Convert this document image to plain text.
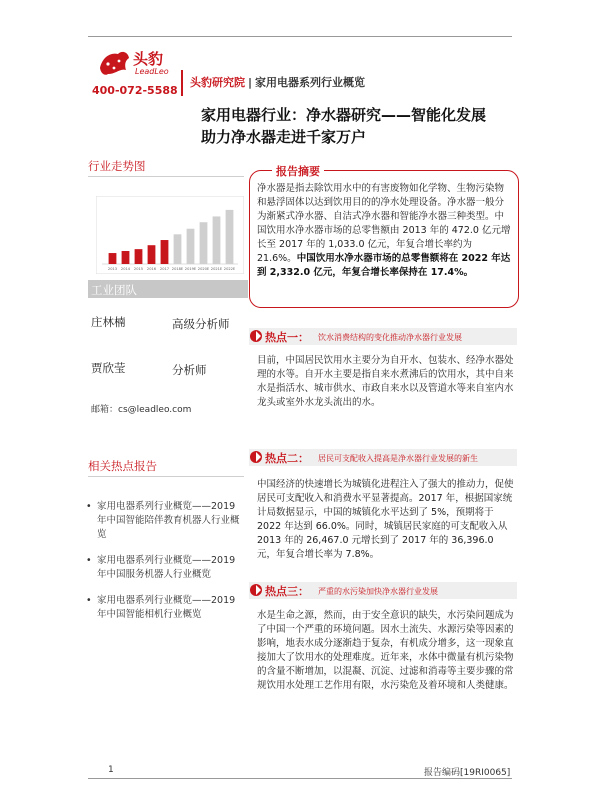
头豹
LeadLeo
400-072-5588
头豹研究院 | 家用电器系列行业概览
家用电器行业：净水器研究——智能化发展
助力净水器走进千家万户
行业走势图
2013 2014 2015 2016 2017 2018E 2019E 2020E 2021E 2022E
工业团队
庄林楠	高级分析师
贾欣莹	分析师
邮箱：cs@leadleo.com
相关热点报告
• 家用电器系列行业概览——2019 年中国智能陪伴教育机器人行业概览
• 家用电器系列行业概览——2019 年中国服务机器人行业概览
• 家用电器系列行业概览——2019 年中国智能相机行业概览
报告摘要
净水器是指去除饮用水中的有害废物如化学物、生物污染物和悬浮固体以达到饮用目的的净水处理设备。净水器一般分为渐紧式净水器、自洁式净水器和智能净水器三种类型。中国饮用水净水器市场的总零售额由 2013 年的 472.0 亿元增长至 2017 年的 1,033.0 亿元，年复合增长率约为 21.6%。中国饮用水净水器市场的总零售额将在 2022 年达到 2,332.0 亿元，年复合增长率保持在 17.4%。
热点一： 饮水消费结构的变化推动净水器行业发展
目前，中国居民饮用水主要分为自开水、包装水、经净水器处理的水等。自开水主要是指自来水煮沸后的饮用水，其中自来水是指活水、城市供水、市政自来水以及管道水等来自室内水龙头或室外水龙头流出的水。
热点二： 居民可支配收入提高是净水器行业发展的新生
中国经济的快速增长为城镇化进程注入了强大的推动力，促使居民可支配收入和消费水平显著提高。2017 年，根据国家统计局数据显示，中国的城镇化水平达到了 5%，预期将于 2022 年达到 66.0%。同时，城镇居民家庭的可支配收入从 2013 年的 26,467.0 元增长到了 2017 年的 36,396.0 元，年复合增长率为 7.8%。
热点三： 严重的水污染加快净水器行业发展
水是生命之源，然而，由于安全意识的缺失，水污染问题成为了中国一个严重的环境问题。因水土流失、水源污染等因素的影响，地表水成分逐渐趋于复杂，有机成分增多，这一现象直接加大了饮用水的处理难度。近年来，水体中微量有机污染物的含量不断增加，以混凝、沉淀、过滤和消毒等主要步骤的常规饮用水处理工艺作用有限，水污染危及着环境和人类健康。
1	报告编码[19RI0065]
